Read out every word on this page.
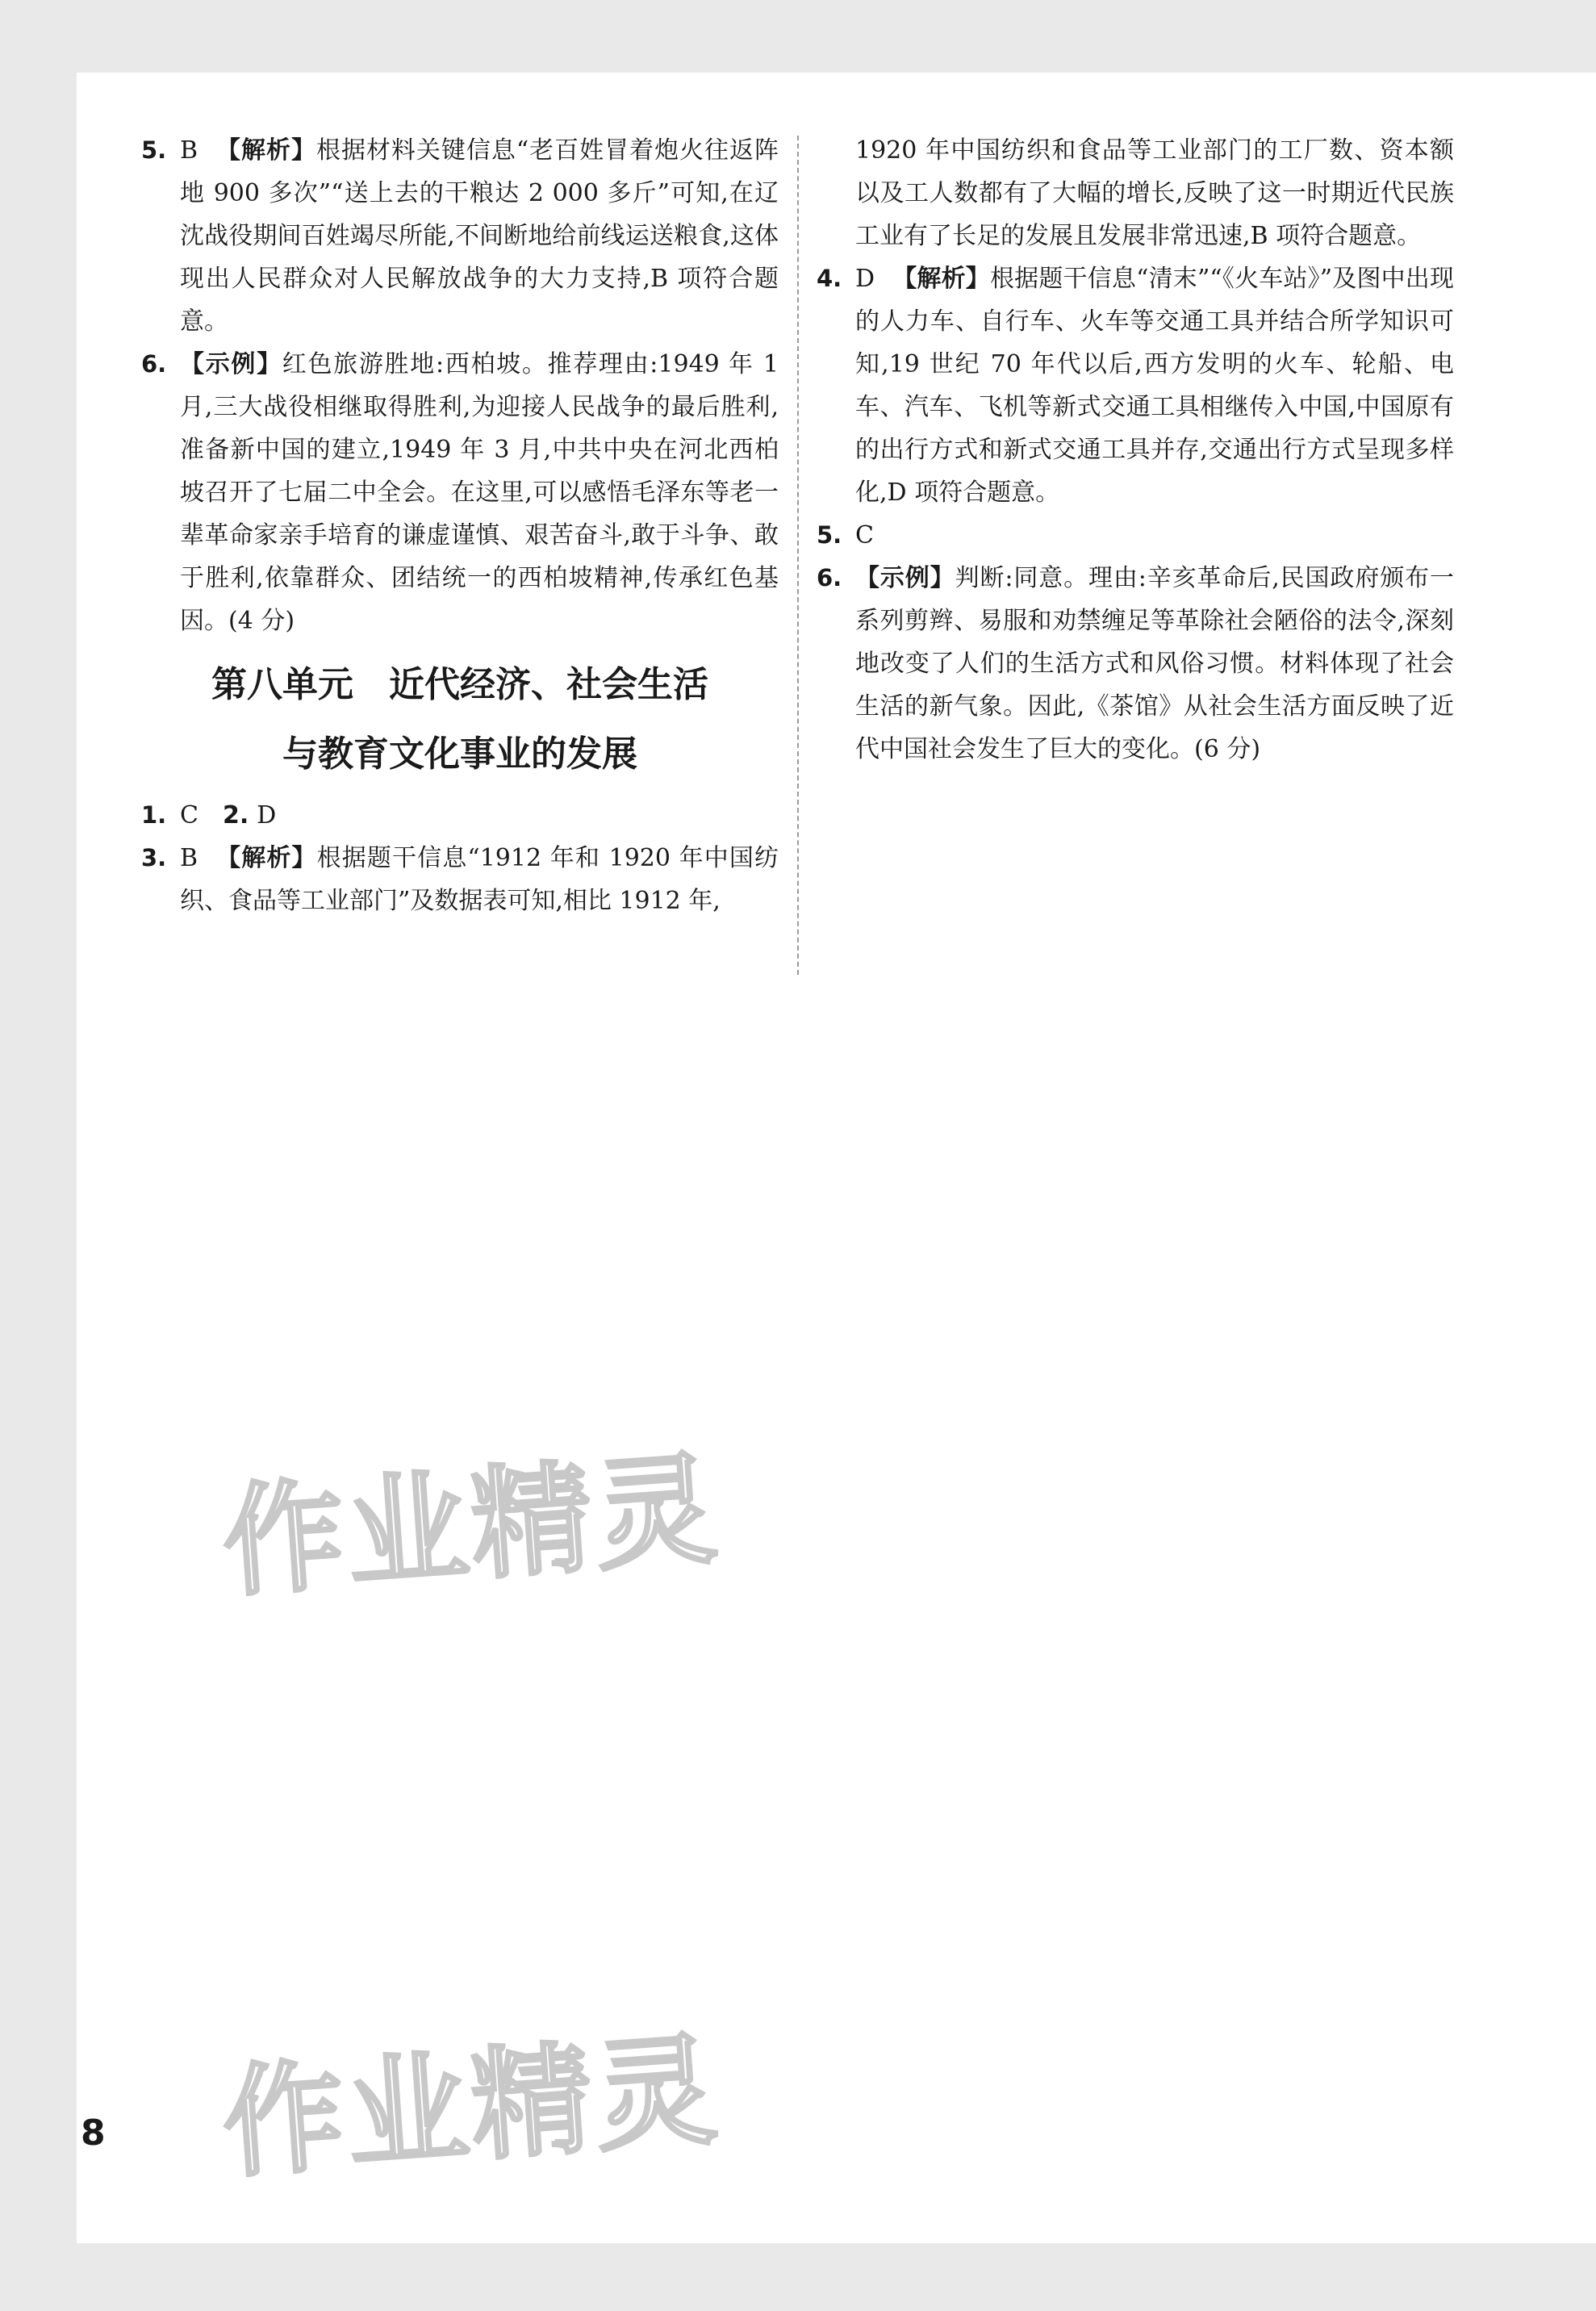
5. B 【解析】根据材料关键信息“老百姓冒着炮火往返阵地 900 多次”“送上去的干粮达 2 000 多斤”可知,在辽沈战役期间百姓竭尽所能,不间断地给前线运送粮食,这体现出人民群众对人民解放战争的大力支持,B 项符合题意。

6. 【示例】红色旅游胜地:西柏坡。推荐理由:1949 年 1 月,三大战役相继取得胜利,为迎接人民战争的最后胜利,准备新中国的建立,1949 年 3 月,中共中央在河北西柏坡召开了七届二中全会。在这里,可以感悟毛泽东等老一辈革命家亲手培育的谦虚谨慎、艰苦奋斗,敢于斗争、敢于胜利,依靠群众、团结统一的西柏坡精神,传承红色基因。(4 分)

第八单元　近代经济、社会生活
与教育文化事业的发展

1. C 2. D

3. B 【解析】根据题干信息“1912 年和 1920 年中国纺织、食品等工业部门”及数据表可知,相比 1912 年,

1920 年中国纺织和食品等工业部门的工厂数、资本额以及工人数都有了大幅的增长,反映了这一时期近代民族工业有了长足的发展且发展非常迅速,B 项符合题意。

4. D 【解析】根据题干信息“清末”“《火车站》”及图中出现的人力车、自行车、火车等交通工具并结合所学知识可知,19 世纪 70 年代以后,西方发明的火车、轮船、电车、汽车、飞机等新式交通工具相继传入中国,中国原有的出行方式和新式交通工具并存,交通出行方式呈现多样化,D 项符合题意。

5. C

6. 【示例】判断:同意。理由:辛亥革命后,民国政府颁布一系列剪辫、易服和劝禁缠足等革除社会陋俗的法令,深刻地改变了人们的生活方式和风俗习惯。材料体现了社会生活的新气象。因此,《茶馆》从社会生活方面反映了近代中国社会发生了巨大的变化。(6 分)

作业精灵
作业精灵
8
